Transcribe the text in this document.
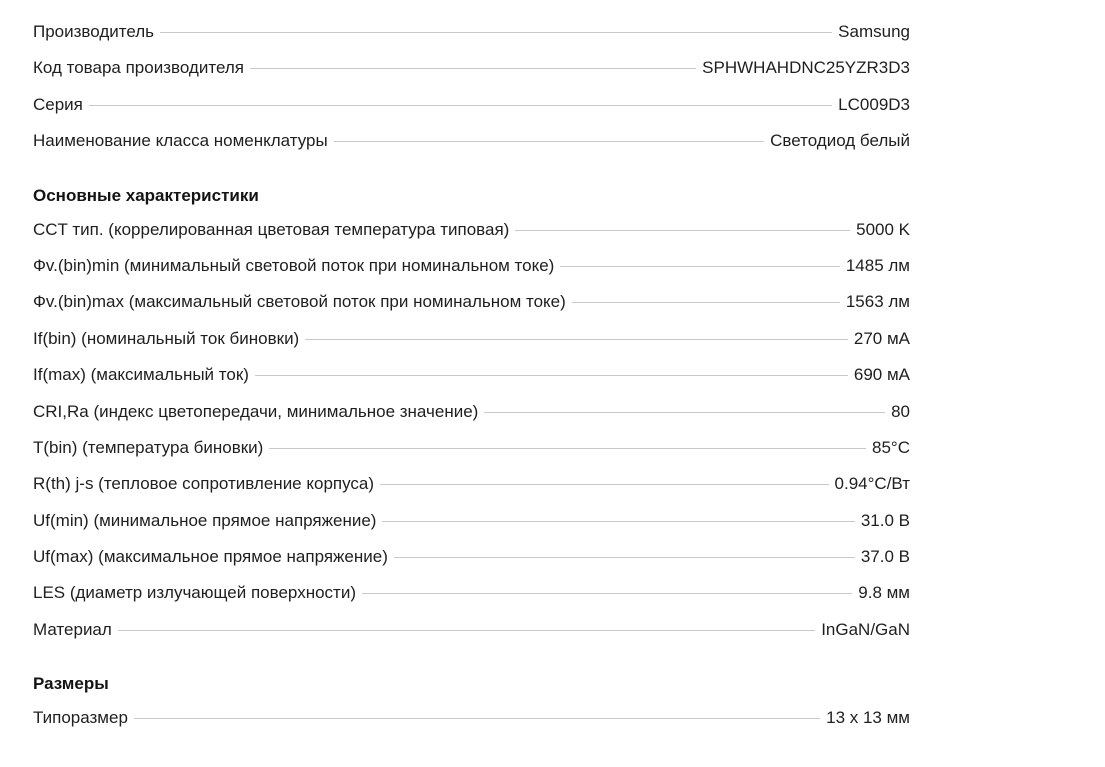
Производитель	Samsung
Код товара производителя	SPHWHAHDNC25YZR3D3
Серия	LC009D3
Наименование класса номенклатуры	Светодиод белый
Основные характеристики
CCT тип. (коррелированная цветовая температура типовая)	5000 K
Фv.(bin)min (минимальный световой поток при номинальном токе)	1485 лм
Фv.(bin)max (максимальный световой поток при номинальном токе)	1563 лм
If(bin) (номинальный ток биновки)	270 мА
If(max) (максимальный ток)	690 мА
CRI,Ra (индекс цветопередачи, минимальное значение)	80
T(bin) (температура биновки)	85°C
R(th) j-s (тепловое сопротивление корпуса)	0.94°C/Вт
Uf(min) (минимальное прямое напряжение)	31.0 В
Uf(max) (максимальное прямое напряжение)	37.0 В
LES (диаметр излучающей поверхности)	9.8 мм
Материал	InGaN/GaN
Размеры
Типоразмер	13 x 13 мм
